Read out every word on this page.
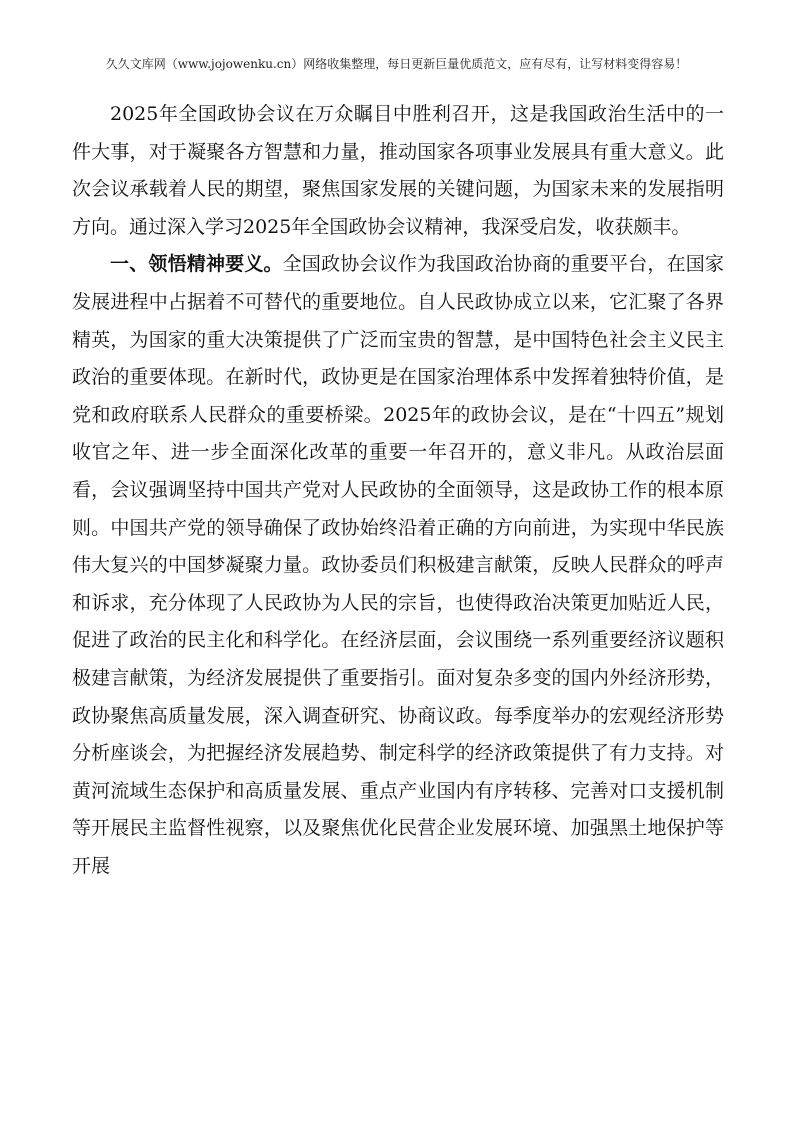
久久文库网（www.jojowenku.cn）网络收集整理，每日更新巨量优质范文，应有尽有，让写材料变得容易！

2025年全国政协会议在万众瞩目中胜利召开，这是我国政治生活中的一件大事，对于凝聚各方智慧和力量，推动国家各项事业发展具有重大意义。此次会议承载着人民的期望，聚焦国家发展的关键问题，为国家未来的发展指明方向。通过深入学习2025年全国政协会议精神，我深受启发，收获颇丰。

一、领悟精神要义。全国政协会议作为我国政治协商的重要平台，在国家发展进程中占据着不可替代的重要地位。自人民政协成立以来，它汇聚了各界精英，为国家的重大决策提供了广泛而宝贵的智慧，是中国特色社会主义民主政治的重要体现。在新时代，政协更是在国家治理体系中发挥着独特价值，是党和政府联系人民群众的重要桥梁。2025年的政协会议，是在“十四五”规划收官之年、进一步全面深化改革的重要一年召开的，意义非凡。从政治层面看，会议强调坚持中国共产党对人民政协的全面领导，这是政协工作的根本原则。中国共产党的领导确保了政协始终沿着正确的方向前进，为实现中华民族伟大复兴的中国梦凝聚力量。政协委员们积极建言献策，反映人民群众的呼声和诉求，充分体现了人民政协为人民的宗旨，也使得政治决策更加贴近人民，促进了政治的民主化和科学化。在经济层面，会议围绕一系列重要经济议题积极建言献策，为经济发展提供了重要指引。面对复杂多变的国内外经济形势，政协聚焦高质量发展，深入调查研究、协商议政。每季度举办的宏观经济形势分析座谈会，为把握经济发展趋势、制定科学的经济政策提供了有力支持。对黄河流域生态保护和高质量发展、重点产业国内有序转移、完善对口支援机制等开展民主监督性视察，以及聚焦优化民营企业发展环境、加强黑土地保护等开展
